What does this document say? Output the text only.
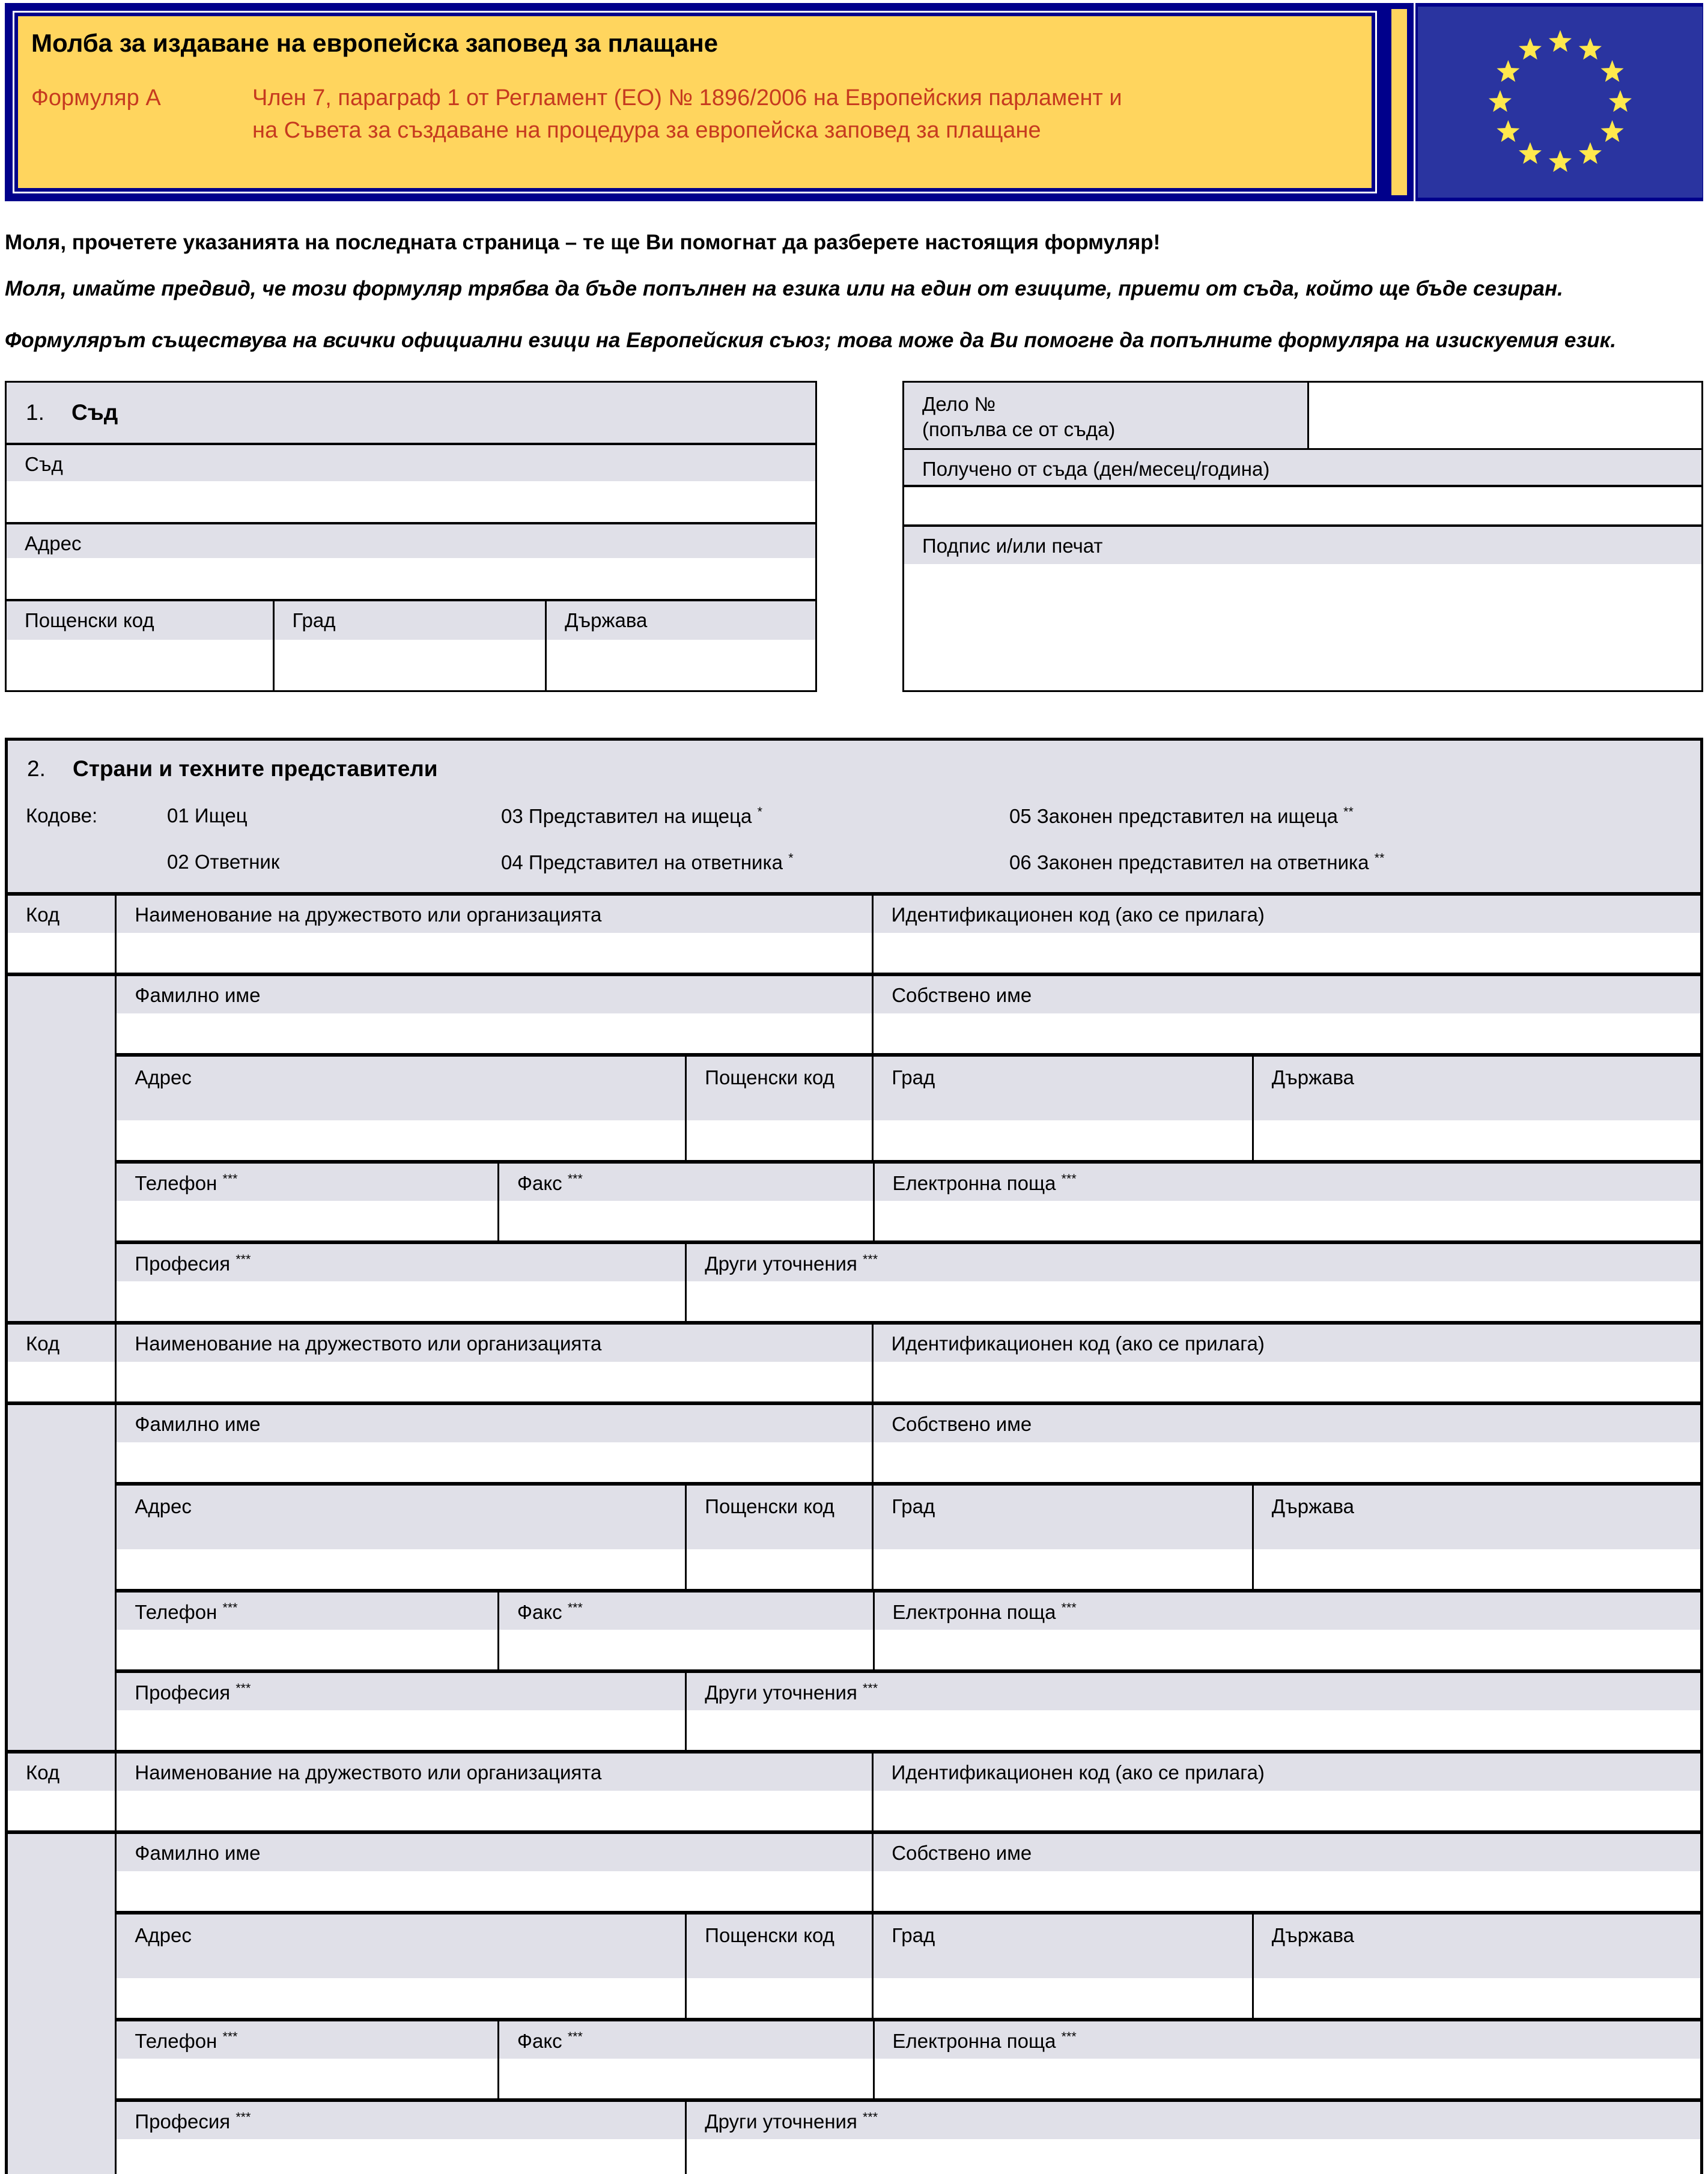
Молба за издаване на европейска заповед за плащане
Формуляр А	Член 7, параграф 1 от Регламент (ЕО) № 1896/2006 на Европейския парламент и на Съвета за създаване на процедура за европейска заповед за плащане
Моля, прочетете указанията на последната страница – те ще Ви помогнат да разберете настоящия формуляр!
Моля, имайте предвид, че този формуляр трябва да бъде попълнен на езика или на един от езиците, приети от съда, който ще бъде сезиран.
Формулярът съществува на всички официални езици на Европейския съюз; това може да Ви помогне да попълните формуляра на изискуемия език.
1.	Съд
Съд
Адрес
Пощенски код	Град	Държава
Дело №
(попълва се от съда)
Получено от съда (ден/месец/година)
Подпис и/или печат
2.	Страни и техните представители
Кодове:	01 Ищец	03 Представител на ищеца *	05 Законен представител на ищеца **
02 Ответник	04 Представител на ответника *	06 Законен представител на ответника **
Код	Наименование на дружеството или организацията	Идентификационен код (ако се прилага)
Фамилно име	Собствено име
Адрес	Пощенски код	Град	Държава
Телефон ***	Факс ***	Електронна поща ***
Професия ***	Други уточнения ***
Код	Наименование на дружеството или организацията	Идентификационен код (ако се прилага)
Фамилно име	Собствено име
Адрес	Пощенски код	Град	Държава
Телефон ***	Факс ***	Електронна поща ***
Професия ***	Други уточнения ***
Код	Наименование на дружеството или организацията	Идентификационен код (ако се прилага)
Фамилно име	Собствено име
Адрес	Пощенски код	Град	Държава
Телефон ***	Факс ***	Електронна поща ***
Професия ***	Други уточнения ***
